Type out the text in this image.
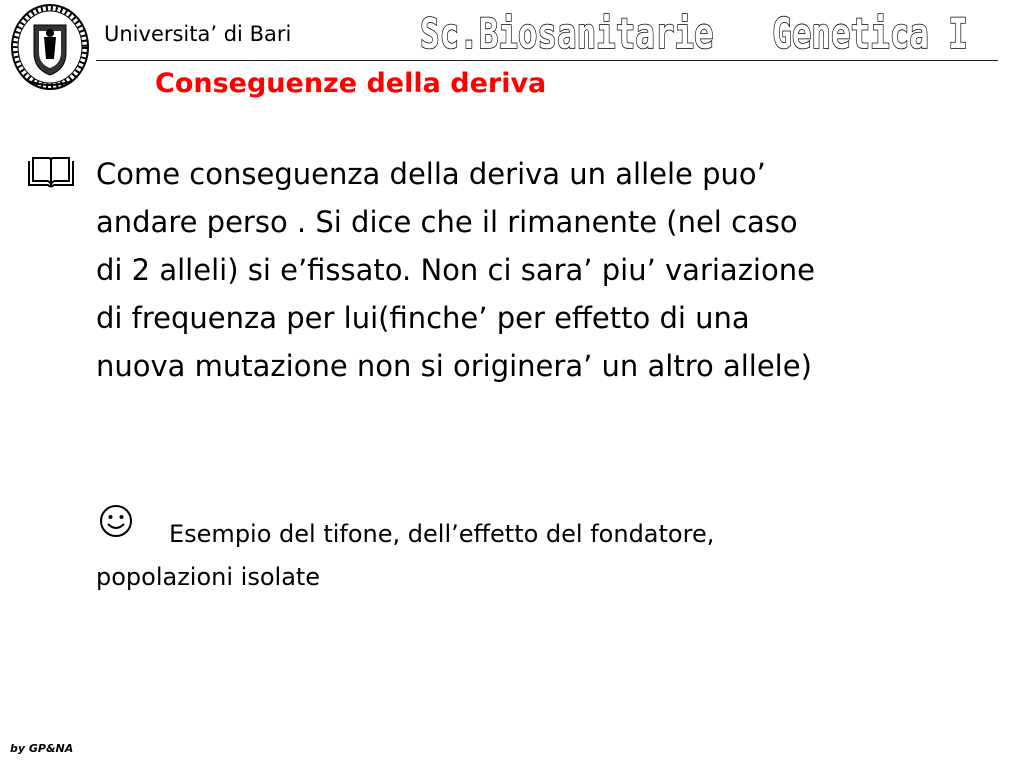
Universita’ di Bari	Sc.Biosanitarie   Genetica I
Conseguenze della deriva
Come conseguenza della deriva un allele puo’
andare perso . Si dice che il rimanente (nel caso
di 2 alleli) si e’fissato. Non ci sara’ piu’ variazione
di frequenza per lui(finche’ per effetto di una
nuova mutazione non si originera’ un altro allele)
Esempio del tifone, dell’effetto del fondatore,
popolazioni isolate
by GP&NA
